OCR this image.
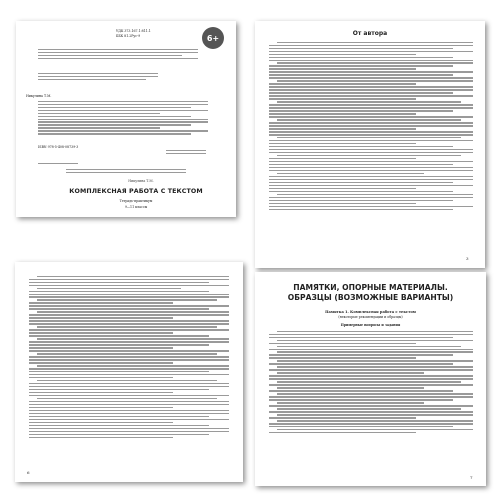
УДК 373.167.1:811.1
ББК 81.2Рус-9	6+
Никулина Т.М.
ISBN 978-5-408-08739-3
Никулина Т.М.
КОМПЛЕКСНАЯ РАБОТА С ТЕКСТОМ
Тетрадь-практикум
9—11 классы
От автора
3
6
ПАМЯТКИ, ОПОРНЫЕ МАТЕРИАЛЫ.
ОБРАЗЦЫ (ВОЗМОЖНЫЕ ВАРИАНТЫ)
Памятка 1. Комплексная работа с текстом
(некоторые рекомендации и образцы)
Примерные вопросы и задания
7
